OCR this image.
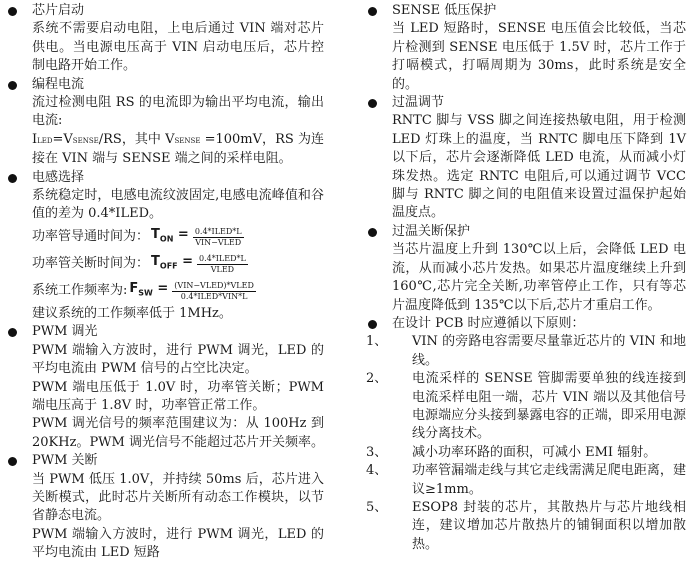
芯片启动
系统不需要启动电阻，上电后通过 VIN 端对芯片供电。当电源电压高于 VIN 启动电压后，芯片控制电路开始工作。
编程电流
流过检测电阻 RS 的电流即为输出平均电流，输出电流:
ILED=VSENSE/RS，其中 VSENSE =100mV，RS 为连接在 VIN 端与 SENSE 端之间的采样电阻。
电感选择
系统稳定时，电感电流纹波固定,电感电流峰值和谷值的差为 0.4*ILED。
功率管导通时间为： $T_{ON} = \frac{\text{0.4*ILED*L}}{\text{VIN−VLED}}$
功率管关断时间为： $T_{OFF} = \frac{\text{0.4*ILED*L}}{\text{VLED}}$
系统工作频率为: $F_{SW} = \frac{\text{(VIN−VLED)*VLED}}{\text{0.4*ILED*VIN*L}}$
建议系统的工作频率低于 1MHz。
PWM 调光
PWM 端输入方波时，进行 PWM 调光，LED 的平均电流由 PWM 信号的占空比决定。
PWM 端电压低于 1.0V 时，功率管关断；PWM 端电压高于 1.8V 时，功率管正常工作。
PWM 调光信号的频率范围建议为：从 100Hz 到 20KHz。PWM 调光信号不能超过芯片开关频率。
PWM 关断
当 PWM 低压 1.0V，并持续 50ms 后，芯片进入关断模式，此时芯片关断所有动态工作模块，以节省静态电流。
PWM 端输入方波时，进行 PWM 调光，LED 的平均电流由 LED 短路
SENSE 低压保护
当 LED 短路时，SENSE 电压值会比较低，当芯片检测到 SENSE 电压低于 1.5V 时，芯片工作于打嗝模式，打嗝周期为 30ms，此时系统是安全的。
过温调节
RNTC 脚与 VSS 脚之间连接热敏电阻，用于检测 LED 灯珠上的温度，当 RNTC 脚电压下降到 1V 以下后，芯片会逐渐降低 LED 电流，从而减小灯珠发热。选定 RNTC 电阻后,可以通过调节 VCC 脚与 RNTC 脚之间的电阻值来设置过温保护起始温度点。
过温关断保护
当芯片温度上升到 130℃以上后，会降低 LED 电流，从而减小芯片发热。如果芯片温度继续上升到 160℃,芯片完全关断,功率管停止工作，只有等芯片温度降低到 135℃以下后,芯片才重启工作。
在设计 PCB 时应遵循以下原则：
1、 VIN 的旁路电容需要尽量靠近芯片的 VIN 和地线。
2、 电流采样的 SENSE 管脚需要单独的线连接到电流采样电阻一端，芯片 VIN 端以及其他信号电源端应分头接到暴露电容的正端，即采用电源线分离技术。
3、 减小功率环路的面积，可减小 EMI 辐射。
4、 功率管漏端走线与其它走线需满足爬电距离，建议≥1mm。
5、 ESOP8 封装的芯片，其散热片与芯片地线相连，建议增加芯片散热片的铺铜面积以增加散热。
